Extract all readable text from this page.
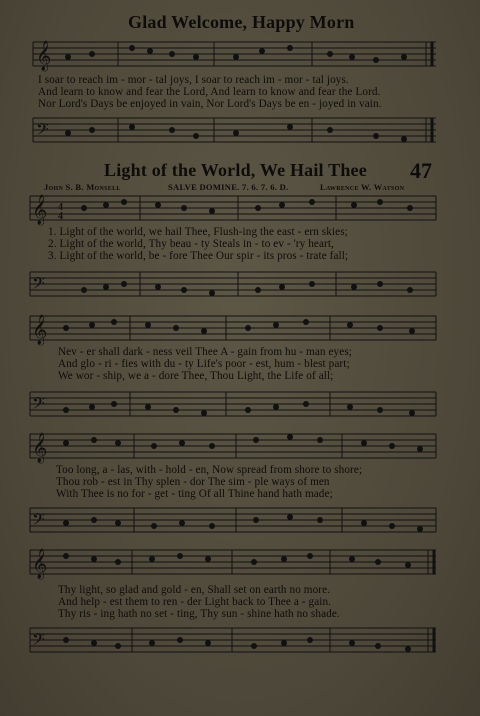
Glad Welcome, Happy Morn
𝄞
I soar to reach im - mor - tal joys, I soar to reach im - mor - tal joys.
And learn to know and fear the Lord, And learn to know and fear the Lord.
Nor Lord's Days be enjoyed in vain, Nor Lord's Days be en - joyed in vain.
𝄢
Light of the World, We Hail Thee 47
John S. B. Monsell	SALVE DOMINE. 7. 6. 7. 6. D.	Lawrence W. Watson
𝄞 4
4
1. Light of the world, we hail Thee, Flush-ing the east - ern skies;
2. Light of the world, Thy beau - ty Steals in - to ev - 'ry heart,
3. Light of the world, be - fore Thee Our spir - its pros - trate fall;
𝄢
𝄞
Nev - er shall dark - ness veil Thee A - gain from hu - man eyes;
And glo - ri - fies with du - ty Life's poor - est, hum - blest part;
We wor - ship, we a - dore Thee, Thou Light, the Life of all;
𝄢
𝄞
Too long, a - las, with - hold - en, Now spread from shore to shore;
Thou rob - est in Thy splen - dor The sim - ple ways of men
With Thee is no for - get - ting Of all Thine hand hath made;
𝄢
𝄞
Thy light, so glad and gold - en, Shall set on earth no more.
And help - est them to ren - der Light back to Thee a - gain.
Thy ris - ing hath no set - ting, Thy sun - shine hath no shade.
𝄢
